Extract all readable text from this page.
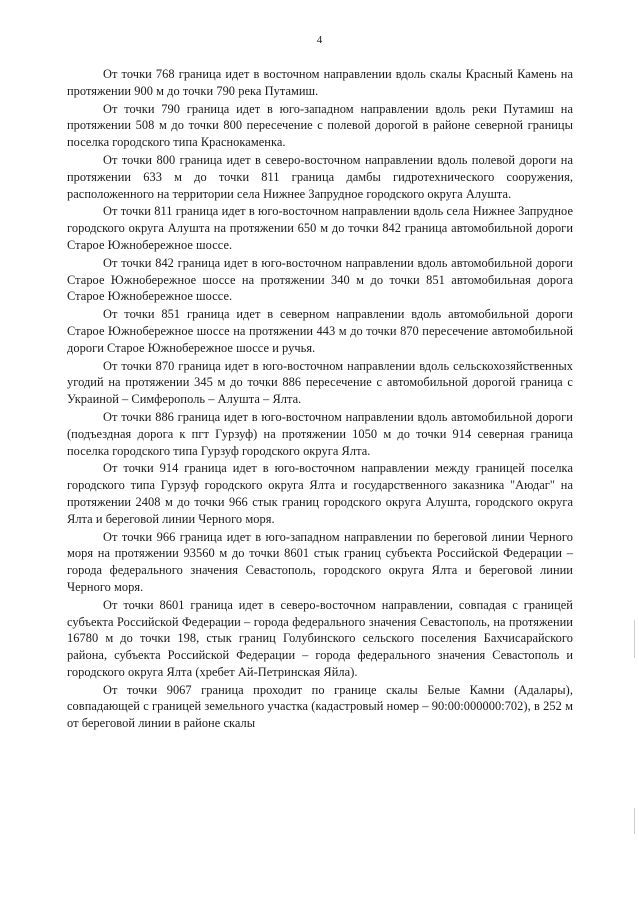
4

От точки 768 граница идет в восточном направлении вдоль скалы Красный Камень на протяжении 900 м до точки 790 река Путамиш.

От точки 790 граница идет в юго-западном направлении вдоль реки Путамиш на протяжении 508 м до точки 800 пересечение с полевой дорогой в районе северной границы поселка городского типа Краснокаменка.

От точки 800 граница идет в северо-восточном направлении вдоль полевой дороги на протяжении 633 м до точки 811 граница дамбы гидротехнического сооружения, расположенного на территории села Нижнее Запрудное городского округа Алушта.

От точки 811 граница идет в юго-восточном направлении вдоль села Нижнее Запрудное городского округа Алушта на протяжении 650 м до точки 842 граница автомобильной дороги Старое Южнобережное шоссе.

От точки 842 граница идет в юго-восточном направлении вдоль автомобильной дороги Старое Южнобережное шоссе на протяжении 340 м до точки 851 автомобильная дорога Старое Южнобережное шоссе.

От точки 851 граница идет в северном направлении вдоль автомобильной дороги Старое Южнобережное шоссе на протяжении 443 м до точки 870 пересечение автомобильной дороги Старое Южнобережное шоссе и ручья.

От точки 870 граница идет в юго-восточном направлении вдоль сельскохозяйственных угодий на протяжении 345 м до точки 886 пересечение с автомобильной дорогой граница с Украиной – Симферополь – Алушта – Ялта.

От точки 886 граница идет в юго-восточном направлении вдоль автомобильной дороги (подъездная дорога к пгт Гурзуф) на протяжении 1050 м до точки 914 северная граница поселка городского типа Гурзуф городского округа Ялта.

От точки 914 граница идет в юго-восточном направлении между границей поселка городского типа Гурзуф городского округа Ялта и государственного заказника "Аюдаг" на протяжении 2408 м до точки 966 стык границ городского округа Алушта, городского округа Ялта и береговой линии Черного моря.

От точки 966 граница идет в юго-западном направлении по береговой линии Черного моря на протяжении 93560 м до точки 8601 стык границ субъекта Российской Федерации – города федерального значения Севастополь, городского округа Ялта и береговой линии Черного моря.

От точки 8601 граница идет в северо-восточном направлении, совпадая с границей субъекта Российской Федерации – города федерального значения Севастополь, на протяжении 16780 м до точки 198, стык границ Голубинского сельского поселения Бахчисарайского района, субъекта Российской Федерации – города федерального значения Севастополь и городского округа Ялта (хребет Ай-Петринская Яйла).

От точки 9067 граница проходит по границе скалы Белые Камни (Адалары), совпадающей с границей земельного участка (кадастровый номер – 90:00:000000:702), в 252 м от береговой линии в районе скалы
